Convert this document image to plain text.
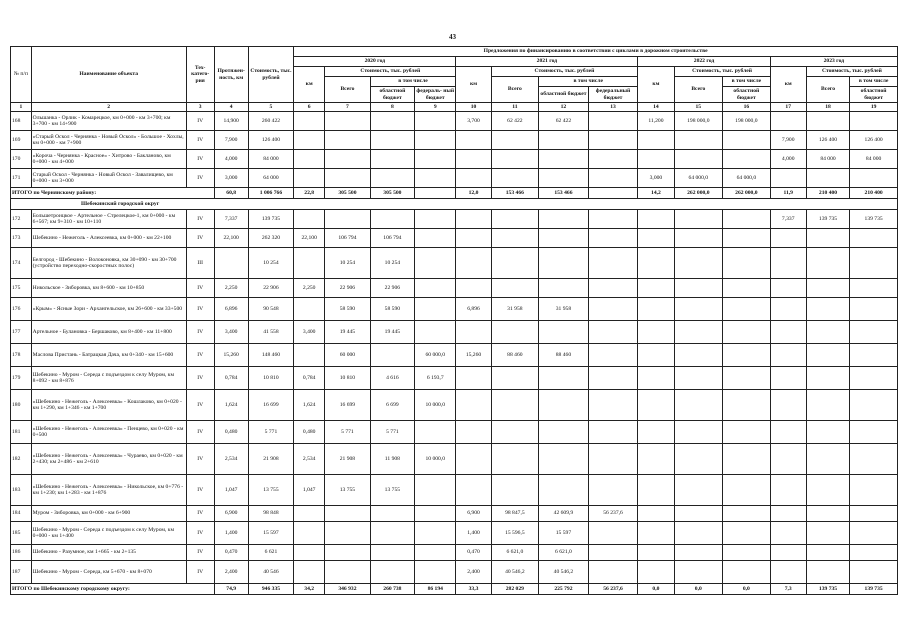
43
№ п/п	Наименование объекта	Тех- катего- рия	Протяжен- ность, км	Стоимость, тыс. рублей	Предложения по финансированию в соответствии с циклами в дорожном строительстве													
					2020 год				2021 год				2022 год			2023 год		
					км	Стоимость, тыс. рублей			км	Стоимость, тыс. рублей			км	Стоимость, тыс. рублей		км	Стоимость, тыс. рублей	
						Всего	в том числе			Всего	в том числе			Всего	в том числе		Всего	в том числе
							областной бюджет	федераль- ный бюджет			областной бюджет	федеральный бюджет			областной бюджет			областной бюджет
1	2	3	4	5	6	7	8	9	10	11	12	13	14	15	16	17	18	19
168	Ольшанка - Орлик - Комарецкое, км 0+000 - км 3+700; км 3+700 - км 14+900	IV	14,900	260 422					3,700	62 422	62 422		11,200	198 000,0	198 000,0			
169	«Старый Оскол - Чернянка - Новый Оскол» - Большое - Хохлы, км 0+000 - км 7+900	IV	7,900	126 400												7,900	126 400	126 400
170	«Короча - Чернянка - Красное» - Хитрово - Бакланово, км 0+000 - км 4+000	IV	4,000	84 000												4,000	84 000	84 000
171	Старый Оскол - Чернянка - Новый Оскол - Завалищево, км 0+000 - км 3+000	IV	3,000	64 000									3,000	64 000,0	64 000,0			
ИТОГО по Чернянскому району:			60,8	1 006 766	22,8	305 500	305 500		12,0	153 466	153 466		14,2	262 000,0	262 000,0	11,9	210 400	210 400
Шебекинский городской округ																		
172	Большетроицкое - Артельное - Стрелецкое-1, км 0+000 - км 6+567; км 9+310 - км 10+110	IV	7,337	139 735												7,337	139 735	139 735
173	Шебекино - Нежеголь - Алексеевка, км 0+000 - км 22+100	IV	22,100	262 320	22,100	106 794	106 794											
174	Белгород - Шебекино - Волоконовка, км 30+090 - км 30+700 (устройство переходно-скоростных полос)	III		10 254		10 254	10 254											
175	Никольское - Зиборовка, км 8+600 - км 10+850	IV	2,250	22 906	2,250	22 906	22 906											
176	«Крым» - Ясные Зори - Архангельское, км 26+600 - км 33+500	IV	6,896	90 548		58 590	58 590		6,896	31 958	31 958							
177	Артельное - Булановка - Бершаково, км 8+400 - км 11+800	IV	3,400	41 558	3,400	19 445	19 445											
178	Маслова Пристань - Батрацкая Дача, км 0+340 - км 15+600	IV	15,260	148 460		60 000		60 000,0	15,260	88 460	88 460							
179	Шебекино - Муром - Середа с подъездом к селу Муром, км 8+092 - км 8+876	IV	0,784	10 810	0,784	10 810	4 616	6 193,7										
180	«Шебекино - Нежеголь - Алексеевка» - Кошлаково, км 0+020 - км 1+290, км 1+346 - км 1+700	IV	1,624	16 699	1,624	16 699	6 699	10 000,0										
181	«Шебекино - Нежеголь - Алексеевка» - Пенцево, км 0+020 - км 0+500	IV	0,480	5 771	0,480	5 771	5 771											
182	«Шебекино - Нежеголь - Алексеевка» - Чураево, км 0+020 - км 2+430; км 2+486 - км 2+610	IV	2,534	21 908	2,534	21 908	11 908	10 000,0										
183	«Шебекино - Нежеголь - Алексеевка» - Никольское, км 0+776 - км 1+230; км 1+283 - км 1+876	IV	1,047	13 755	1,047	13 755	13 755											
184	Муром - Зиборовка, км 0+000 - км 6+900	IV	6,900	98 848					6,900	98 847,5	42 609,9	56 237,6						
185	Шебекино - Муром - Середа с подъездом к селу Муром, км 0+000 - км 1+400	IV	1,400	15 597					1,400	15 596,5	15 597							
186	Шебекино - Разумное, км 1+665 - км 2+135	IV	0,470	6 621					0,470	6 621,0	6 621,0							
187	Шебекино - Муром - Середа, км 5+670 - км 8+070	IV	2,400	40 546					2,400	40 546,2	40 546,2							
ИТОГО по Шебекинскому городскому округу:			74,9	946 335	34,2	346 932	260 738	86 194	33,3	282 029	225 792	56 237,6	0,0	0,0	0,0	7,3	139 735	139 735
